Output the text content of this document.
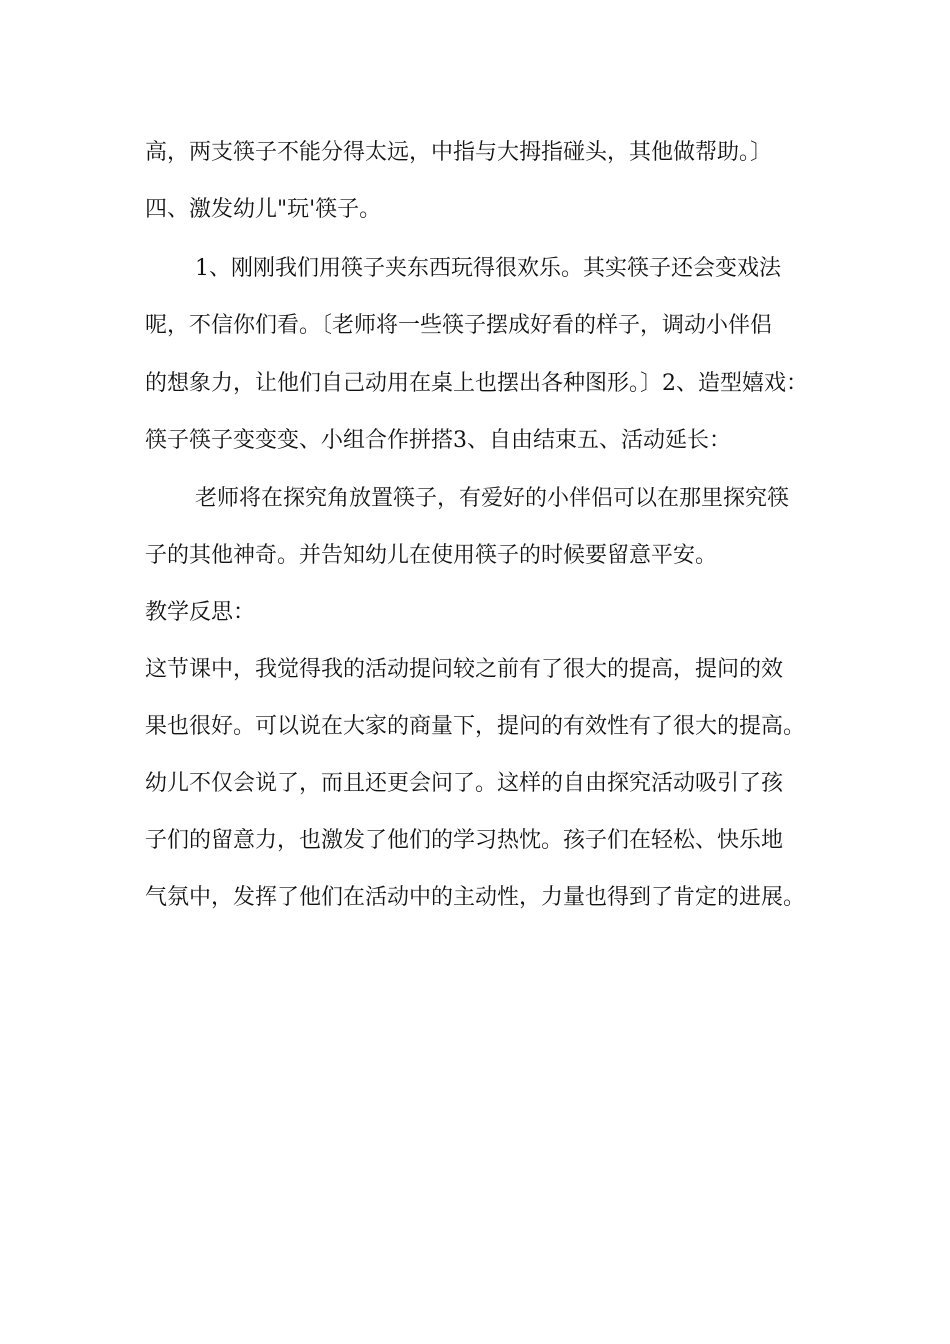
高，两支筷子不能分得太远，中指与大拇指碰头，其他做帮助。〕
四、激发幼儿"玩'筷子。
1、刚刚我们用筷子夹东西玩得很欢乐。其实筷子还会变戏法
呢，不信你们看。〔老师将一些筷子摆成好看的样子，调动小伴侣
的想象力，让他们自己动用在桌上也摆出各种图形。〕2、造型嬉戏：
筷子筷子变变变、小组合作拼搭3、自由结束五、活动延长：
老师将在探究角放置筷子，有爱好的小伴侣可以在那里探究筷
子的其他神奇。并告知幼儿在使用筷子的时候要留意平安。
教学反思：
这节课中，我觉得我的活动提问较之前有了很大的提高，提问的效
果也很好。可以说在大家的商量下，提问的有效性有了很大的提高。
幼儿不仅会说了，而且还更会问了。这样的自由探究活动吸引了孩
子们的留意力，也激发了他们的学习热忱。孩子们在轻松、快乐地
气氛中，发挥了他们在活动中的主动性，力量也得到了肯定的进展。
